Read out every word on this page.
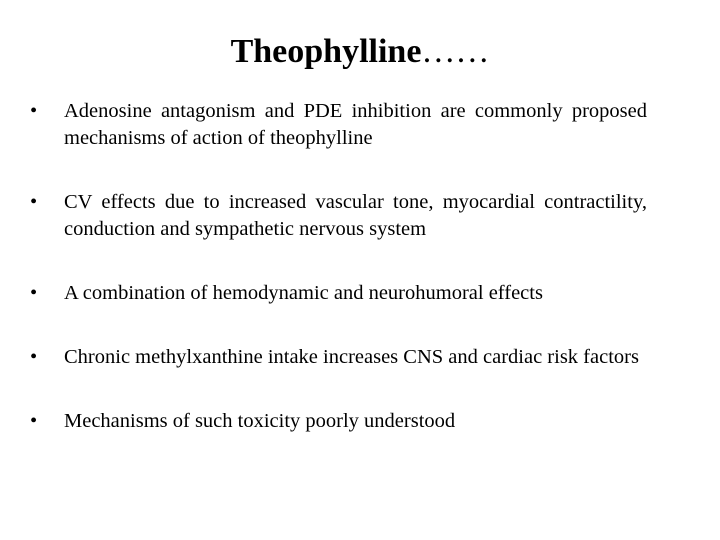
Theophylline……
•	Adenosine antagonism and PDE inhibition are commonly proposed mechanisms of action of theophylline
•	CV effects due to increased vascular tone, myocardial contractility, conduction and sympathetic nervous system
•	A combination of hemodynamic and neurohumoral effects
•	Chronic methylxanthine intake increases CNS and cardiac risk factors
•	Mechanisms of such toxicity poorly understood
